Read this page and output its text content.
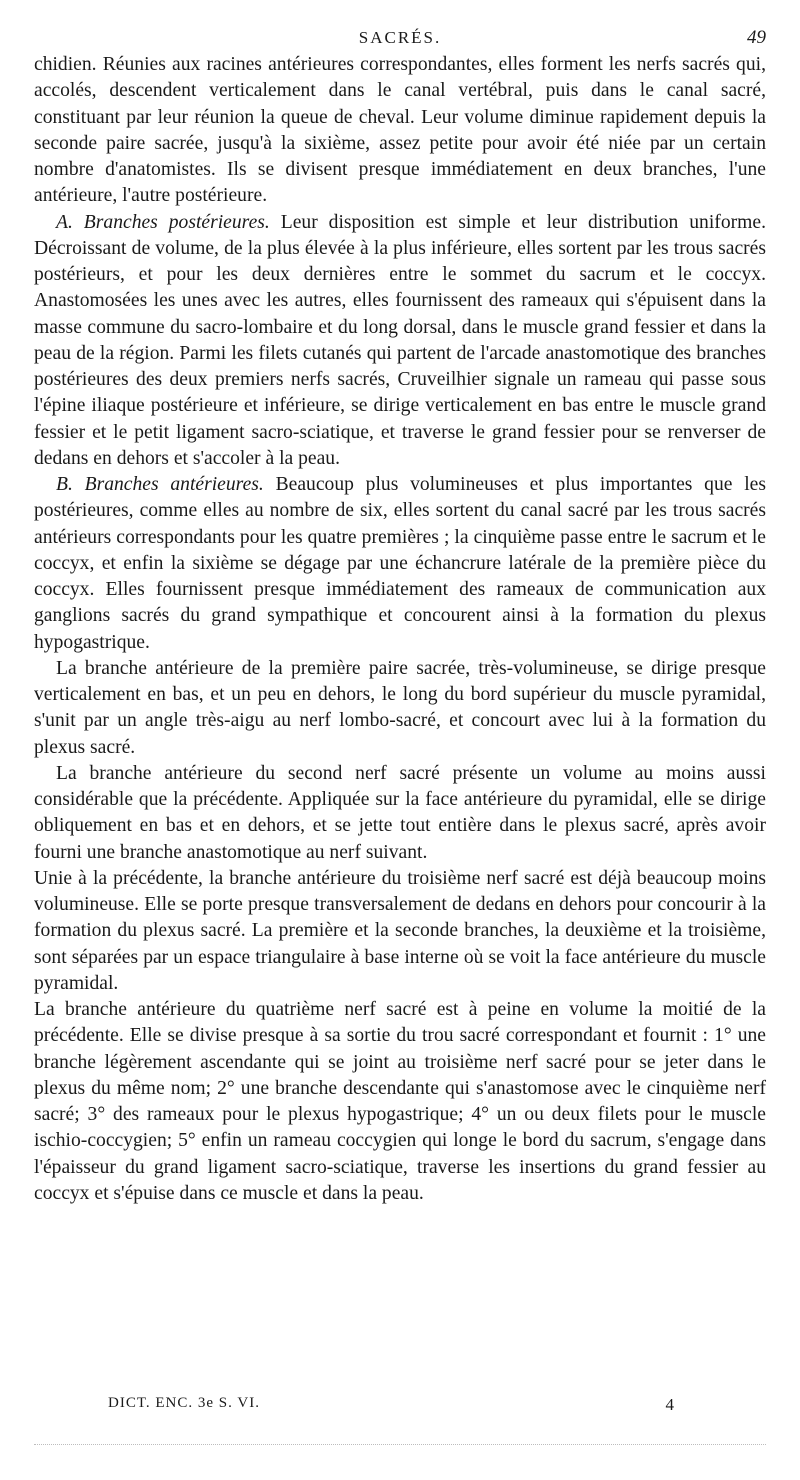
SACRÉS.	49

chidien. Réunies aux racines antérieures correspondantes, elles forment les nerfs sacrés qui, accolés, descendent verticalement dans le canal vertébral, puis dans le canal sacré, constituant par leur réunion la queue de cheval. Leur volume diminue rapidement depuis la seconde paire sacrée, jusqu'à la sixième, assez petite pour avoir été niée par un certain nombre d'anatomistes. Ils se divisent presque immédiatement en deux branches, l'une antérieure, l'autre postérieure.

A. Branches postérieures. Leur disposition est simple et leur distribution uniforme. Décroissant de volume, de la plus élevée à la plus inférieure, elles sortent par les trous sacrés postérieurs, et pour les deux dernières entre le sommet du sacrum et le coccyx. Anastomosées les unes avec les autres, elles fournissent des rameaux qui s'épuisent dans la masse commune du sacro-lombaire et du long dorsal, dans le muscle grand fessier et dans la peau de la région. Parmi les filets cutanés qui partent de l'arcade anastomotique des branches postérieures des deux premiers nerfs sacrés, Cruveilhier signale un rameau qui passe sous l'épine iliaque postérieure et inférieure, se dirige verticalement en bas entre le muscle grand fessier et le petit ligament sacro-sciatique, et traverse le grand fessier pour se renverser de dedans en dehors et s'accoler à la peau.

B. Branches antérieures. Beaucoup plus volumineuses et plus importantes que les postérieures, comme elles au nombre de six, elles sortent du canal sacré par les trous sacrés antérieurs correspondants pour les quatre premières ; la cinquième passe entre le sacrum et le coccyx, et enfin la sixième se dégage par une échancrure latérale de la première pièce du coccyx. Elles fournissent presque immédiatement des rameaux de communication aux ganglions sacrés du grand sympathique et concourent ainsi à la formation du plexus hypogastrique.

La branche antérieure de la première paire sacrée, très-volumineuse, se dirige presque verticalement en bas, et un peu en dehors, le long du bord supérieur du muscle pyramidal, s'unit par un angle très-aigu au nerf lombo-sacré, et concourt avec lui à la formation du plexus sacré.

La branche antérieure du second nerf sacré présente un volume au moins aussi considérable que la précédente. Appliquée sur la face antérieure du pyramidal, elle se dirige obliquement en bas et en dehors, et se jette tout entière dans le plexus sacré, après avoir fourni une branche anastomotique au nerf suivant.

Unie à la précédente, la branche antérieure du troisième nerf sacré est déjà beaucoup moins volumineuse. Elle se porte presque transversalement de dedans en dehors pour concourir à la formation du plexus sacré. La première et la seconde branches, la deuxième et la troisième, sont séparées par un espace triangulaire à base interne où se voit la face antérieure du muscle pyramidal.

La branche antérieure du quatrième nerf sacré est à peine en volume la moitié de la précédente. Elle se divise presque à sa sortie du trou sacré correspondant et fournit : 1° une branche légèrement ascendante qui se joint au troisième nerf sacré pour se jeter dans le plexus du même nom; 2° une branche descendante qui s'anastomose avec le cinquième nerf sacré; 3° des rameaux pour le plexus hypogastrique; 4° un ou deux filets pour le muscle ischio-coccygien; 5° enfin un rameau coccygien qui longe le bord du sacrum, s'engage dans l'épaisseur du grand ligament sacro-sciatique, traverse les insertions du grand fessier au coccyx et s'épuise dans ce muscle et dans la peau.

DICT. ENC. 3e S. VI.	4
